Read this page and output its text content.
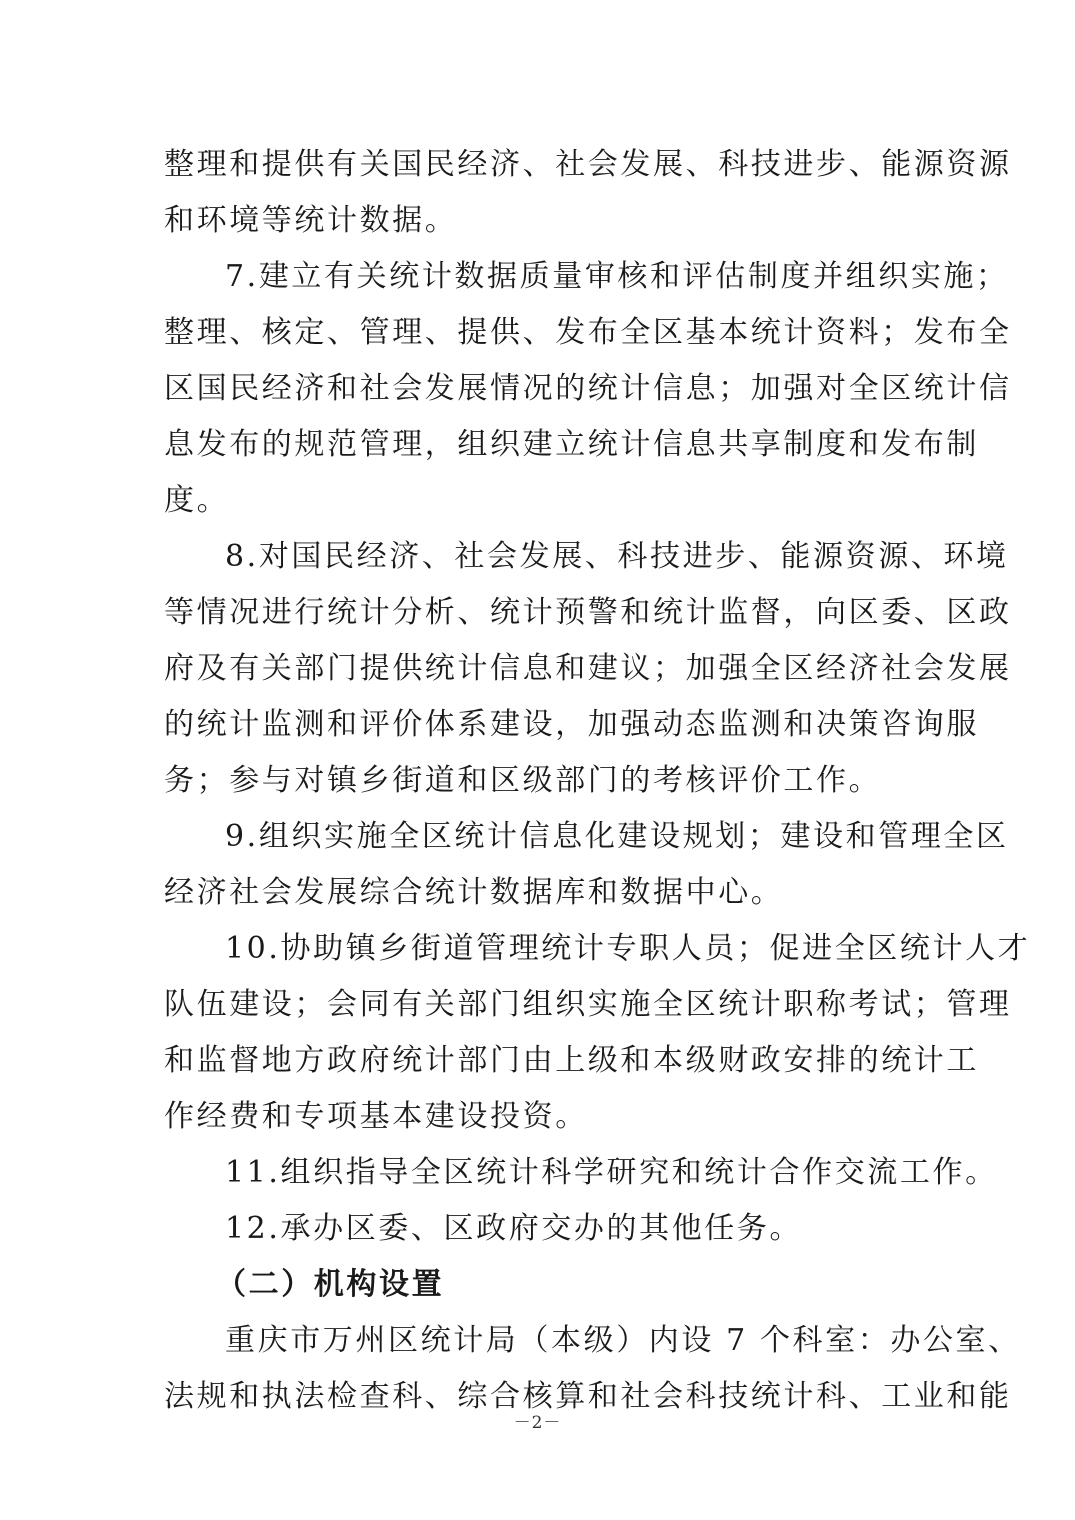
整理和提供有关国民经济、社会发展、科技进步、能源资源
和环境等统计数据。
7.建立有关统计数据质量审核和评估制度并组织实施；
整理、核定、管理、提供、发布全区基本统计资料；发布全
区国民经济和社会发展情况的统计信息；加强对全区统计信
息发布的规范管理，组织建立统计信息共享制度和发布制
度。
8.对国民经济、社会发展、科技进步、能源资源、环境
等情况进行统计分析、统计预警和统计监督，向区委、区政
府及有关部门提供统计信息和建议；加强全区经济社会发展
的统计监测和评价体系建设，加强动态监测和决策咨询服
务；参与对镇乡街道和区级部门的考核评价工作。
9.组织实施全区统计信息化建设规划；建设和管理全区
经济社会发展综合统计数据库和数据中心。
10.协助镇乡街道管理统计专职人员；促进全区统计人才
队伍建设；会同有关部门组织实施全区统计职称考试；管理
和监督地方政府统计部门由上级和本级财政安排的统计工
作经费和专项基本建设投资。
11.组织指导全区统计科学研究和统计合作交流工作。
12.承办区委、区政府交办的其他任务。
（二）机构设置
重庆市万州区统计局（本级）内设 7 个科室：办公室、
法规和执法检查科、综合核算和社会科技统计科、工业和能
－2－
